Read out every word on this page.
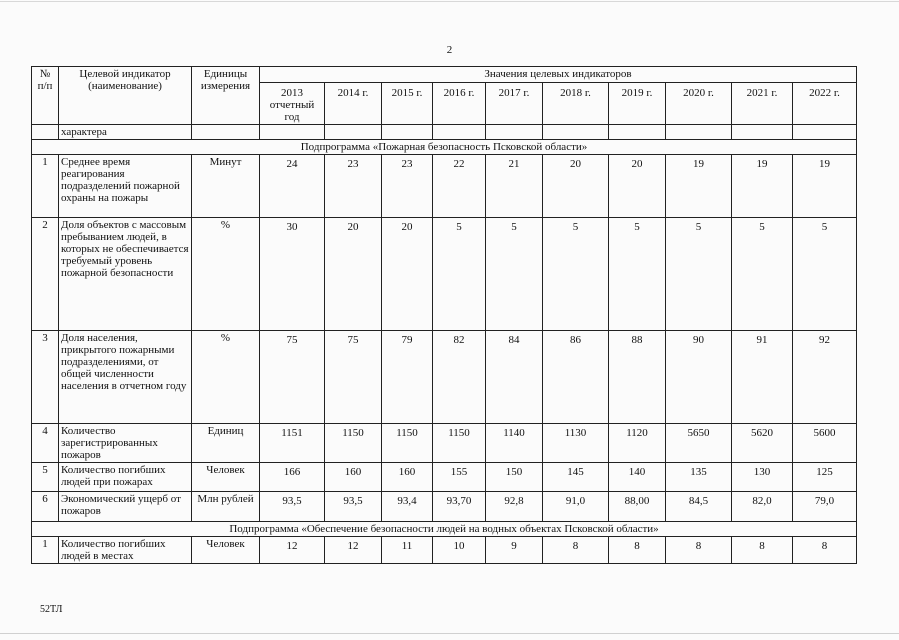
2
№ п/п	Целевой индикатор (наименование)	Единицы измерения	Значения целевых индикаторов									
			2013 отчетный год	2014 г.	2015 г.	2016 г.	2017 г.	2018 г.	2019 г.	2020 г.	2021 г.	2022 г.
	характера											
Подпрограмма «Пожарная безопасность Псковской области»												
1	Среднее время реагирования подразделений пожарной охраны на пожары	Минут	24	23	23	22	21	20	20	19	19	19
2	Доля объектов с массовым пребыванием людей, в которых не обеспечивается требуемый уровень пожарной безопасности	%	30	20	20	5	5	5	5	5	5	5
3	Доля населения, прикрытого пожарными подразделениями, от общей численности населения в отчетном году	%	75	75	79	82	84	86	88	90	91	92
4	Количество зарегистрированных пожаров	Единиц	1151	1150	1150	1150	1140	1130	1120	5650	5620	5600
5	Количество погибших людей при пожарах	Человек	166	160	160	155	150	145	140	135	130	125
6	Экономический ущерб от пожаров	Млн рублей	93,5	93,5	93,4	93,70	92,8	91,0	88,00	84,5	82,0	79,0
Подпрограмма «Обеспечение безопасности людей на водных объектах Псковской области»												
1	Количество погибших людей в местах	Человек	12	12	11	10	9	8	8	8	8	8
52ТЛ
